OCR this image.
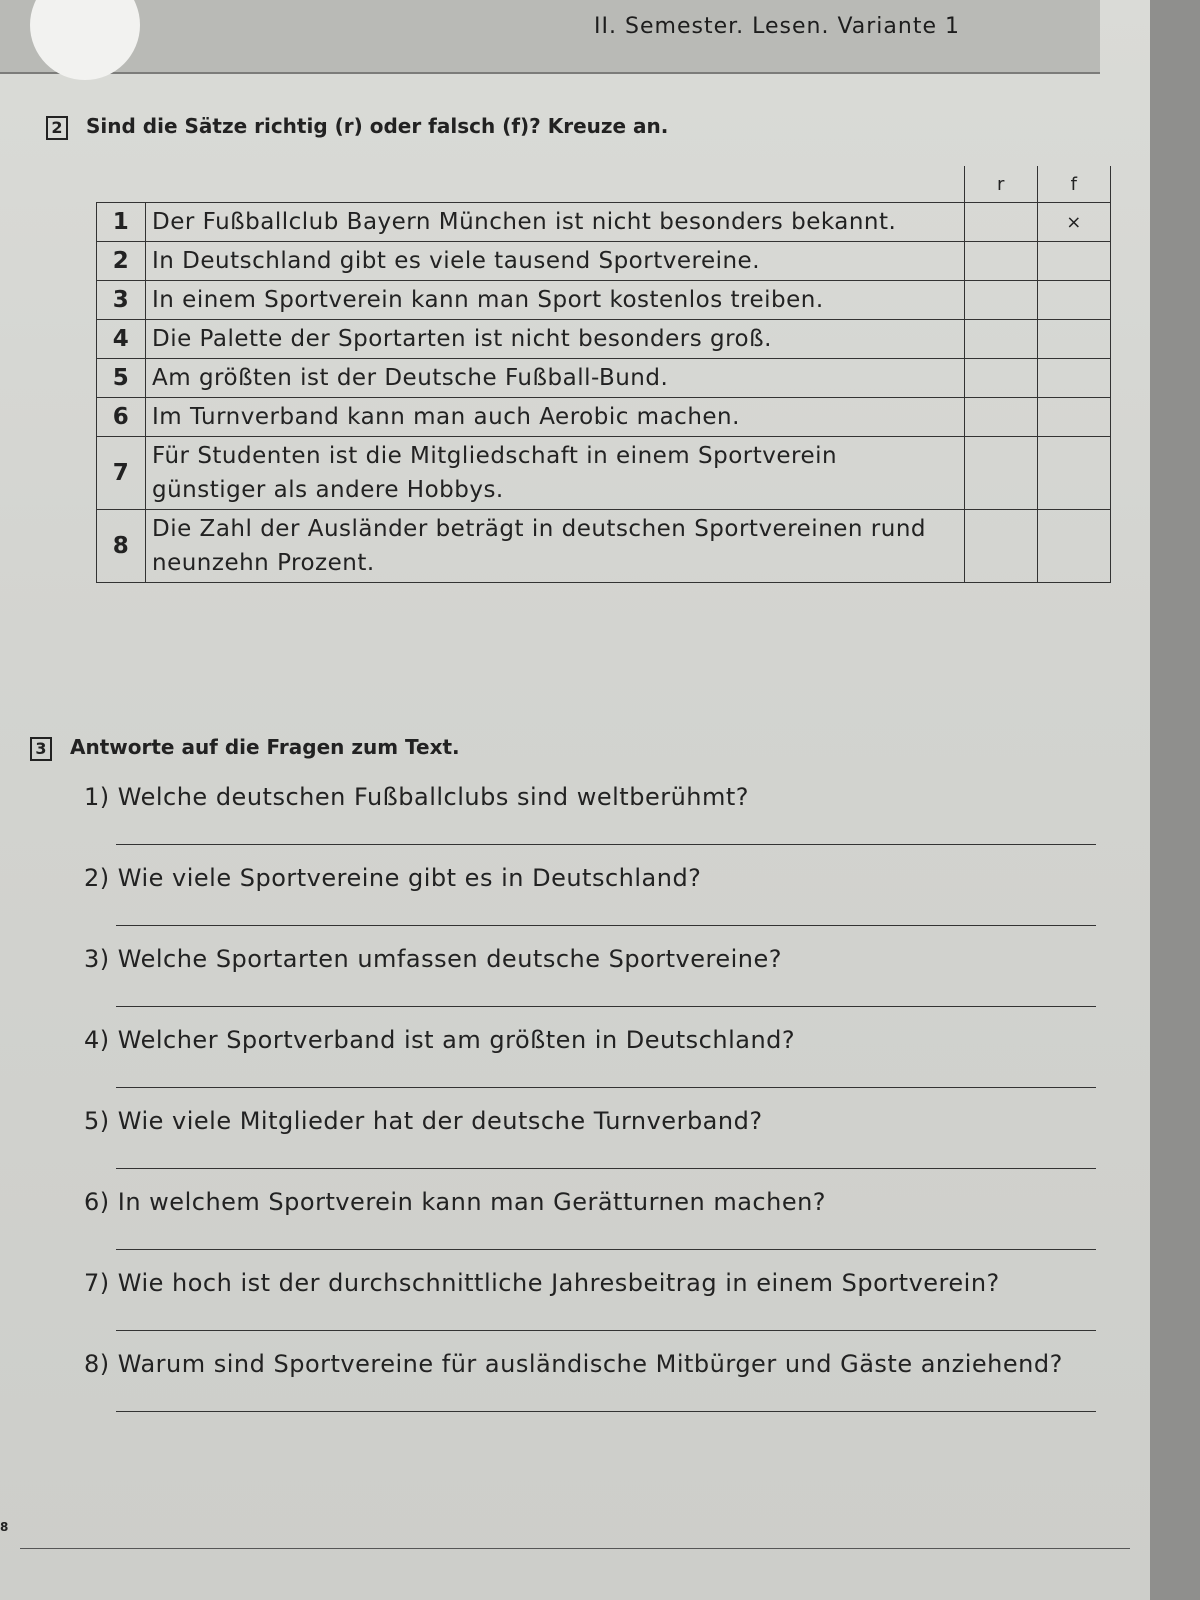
II. Semester. Lesen. Variante 1
2 Sind die Sätze richtig (r) oder falsch (f)? Kreuze an.
		r	f
1	Der Fußballclub Bayern München ist nicht besonders bekannt.		×
2	In Deutschland gibt es viele tausend Sportvereine.		
3	In einem Sportverein kann man Sport kostenlos treiben.		
4	Die Palette der Sportarten ist nicht besonders groß.		
5	Am größten ist der Deutsche Fußball-Bund.		
6	Im Turnverband kann man auch Aerobic machen.		
7	Für Studenten ist die Mitgliedschaft in einem Sportverein günstiger als andere Hobbys.		
8	Die Zahl der Ausländer beträgt in deutschen Sportvereinen rund neunzehn Prozent.		
3 Antworte auf die Fragen zum Text.
1) Welche deutschen Fußballclubs sind weltberühmt?
2) Wie viele Sportvereine gibt es in Deutschland?
3) Welche Sportarten umfassen deutsche Sportvereine?
4) Welcher Sportverband ist am größten in Deutschland?
5) Wie viele Mitglieder hat der deutsche Turnverband?
6) In welchem Sportverein kann man Gerätturnen machen?
7) Wie hoch ist der durchschnittliche Jahresbeitrag in einem Sportverein?
8) Warum sind Sportvereine für ausländische Mitbürger und Gäste anziehend?
8
